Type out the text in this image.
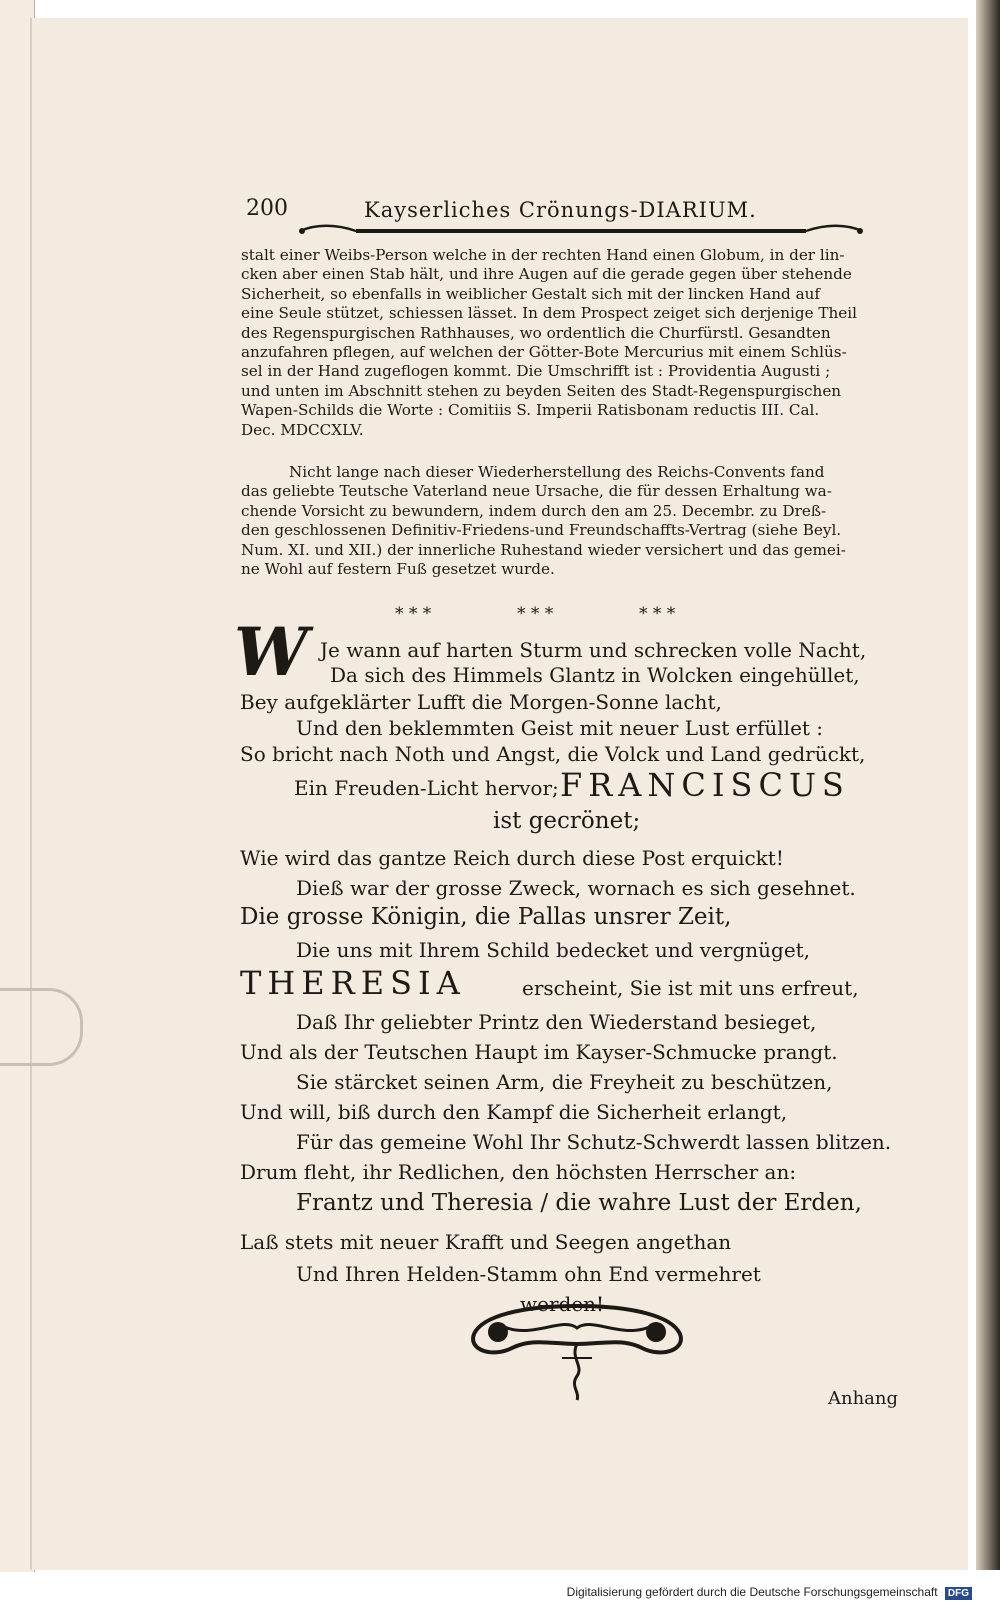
200	Kayserliches Crönungs-DIARIUM.
stalt einer Weibs-Person welche in der rechten Hand einen Globum, in der lin-
cken aber einen Stab hält, und ihre Augen auf die gerade gegen über stehende
Sicherheit, so ebenfalls in weiblicher Gestalt sich mit der lincken Hand auf
eine Seule stützet, schiessen lässet. In dem Prospect zeiget sich derjenige Theil
des Regenspurgischen Rathhauses, wo ordentlich die Churfürstl. Gesandten
anzufahren pflegen, auf welchen der Götter-Bote Mercurius mit einem Schlüs-
sel in der Hand zugeflogen kommt. Die Umschrifft ist : Providentia Augusti ;
und unten im Abschnitt stehen zu beyden Seiten des Stadt-Regenspurgischen
Wapen-Schilds die Worte : Comitiis S. Imperii Ratisbonam reductis III. Cal.
Dec. MDCCXLV.
Nicht lange nach dieser Wiederherstellung des Reichs-Convents fand
das geliebte Teutsche Vaterland neue Ursache, die für dessen Erhaltung wa-
chende Vorsicht zu bewundern, indem durch den am 25. Decembr. zu Dreß-
den geschlossenen Definitiv-Friedens-und Freundschaffts-Vertrag (siehe Beyl.
Num. XI. und XII.) der innerliche Ruhestand wieder versichert und das gemei-
ne Wohl auf festern Fuß gesetzet wurde.
* * *	* * *	* * *
W Je wann auf harten Sturm und schrecken volle Nacht,
Da sich des Himmels Glantz in Wolcken eingehüllet,
Bey aufgeklärter Lufft die Morgen-Sonne lacht,
Und den beklemmten Geist mit neuer Lust erfüllet :
So bricht nach Noth und Angst, die Volck und Land gedrückt,
Ein Freuden-Licht hervor; FRANCISCUS
ist gecrönet;
Wie wird das gantze Reich durch diese Post erquickt!
Dieß war der grosse Zweck, wornach es sich gesehnet.
Die grosse Königin, die Pallas unsrer Zeit,
Die uns mit Ihrem Schild bedecket und vergnüget,
THERESIA	erscheint, Sie ist mit uns erfreut,
Daß Ihr geliebter Printz den Wiederstand besieget,
Und als der Teutschen Haupt im Kayser-Schmucke prangt.
Sie stärcket seinen Arm, die Freyheit zu beschützen,
Und will, biß durch den Kampf die Sicherheit erlangt,
Für das gemeine Wohl Ihr Schutz-Schwerdt lassen blitzen.
Drum fleht, ihr Redlichen, den höchsten Herrscher an:
Frantz und Theresia / die wahre Lust der Erden,
Laß stets mit neuer Krafft und Seegen angethan
Und Ihren Helden-Stamm ohn End vermehret
werden!
Anhang
Digitalisierung gefördert durch die Deutsche Forschungsgemeinschaft DFG
